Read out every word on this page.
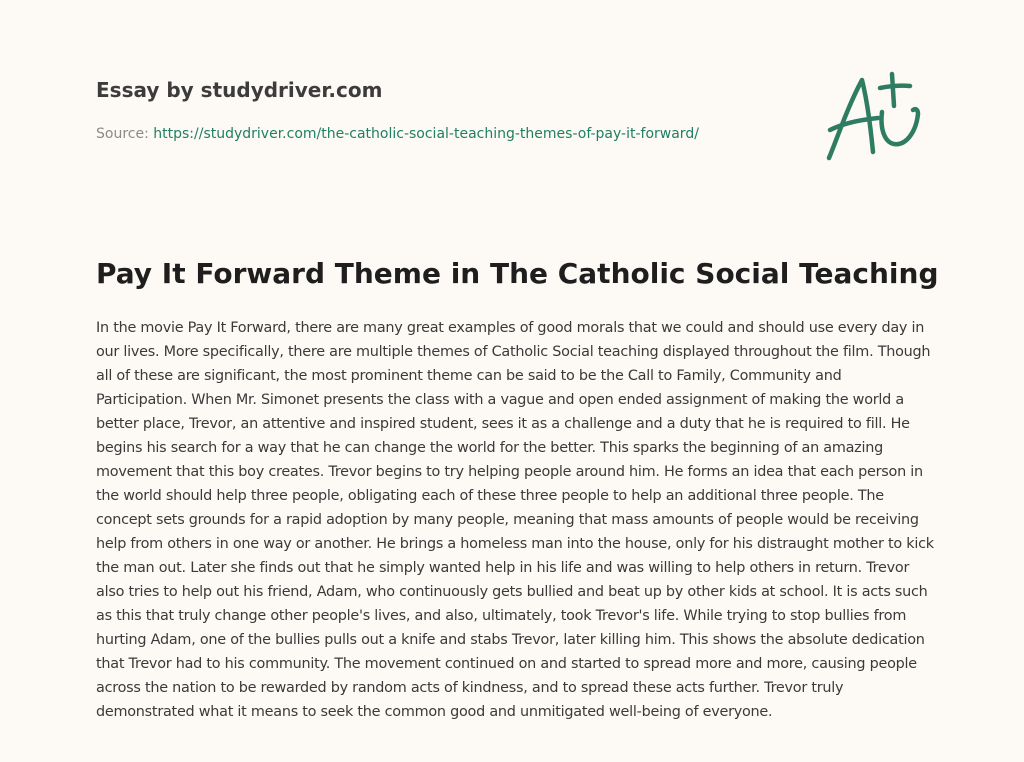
Essay by studydriver.com
Source: https://studydriver.com/the-catholic-social-teaching-themes-of-pay-it-forward/
Pay It Forward Theme in The Catholic Social Teaching

In the movie Pay It Forward, there are many great examples of good morals that we could and should use every day in our lives. More specifically, there are multiple themes of Catholic Social teaching displayed throughout the film. Though all of these are significant, the most prominent theme can be said to be the Call to Family, Community and Participation. When Mr. Simonet presents the class with a vague and open ended assignment of making the world a better place, Trevor, an attentive and inspired student, sees it as a challenge and a duty that he is required to fill. He begins his search for a way that he can change the world for the better. This sparks the beginning of an amazing movement that this boy creates. Trevor begins to try helping people around him. He forms an idea that each person in the world should help three people, obligating each of these three people to help an additional three people. The concept sets grounds for a rapid adoption by many people, meaning that mass amounts of people would be receiving help from others in one way or another. He brings a homeless man into the house, only for his distraught mother to kick the man out. Later she finds out that he simply wanted help in his life and was willing to help others in return. Trevor also tries to help out his friend, Adam, who continuously gets bullied and beat up by other kids at school. It is acts such as this that truly change other people's lives, and also, ultimately, took Trevor's life. While trying to stop bullies from hurting Adam, one of the bullies pulls out a knife and stabs Trevor, later killing him. This shows the absolute dedication that Trevor had to his community. The movement continued on and started to spread more and more, causing people across the nation to be rewarded by random acts of kindness, and to spread these acts further. Trevor truly demonstrated what it means to seek the common good and unmitigated well-being of everyone.
